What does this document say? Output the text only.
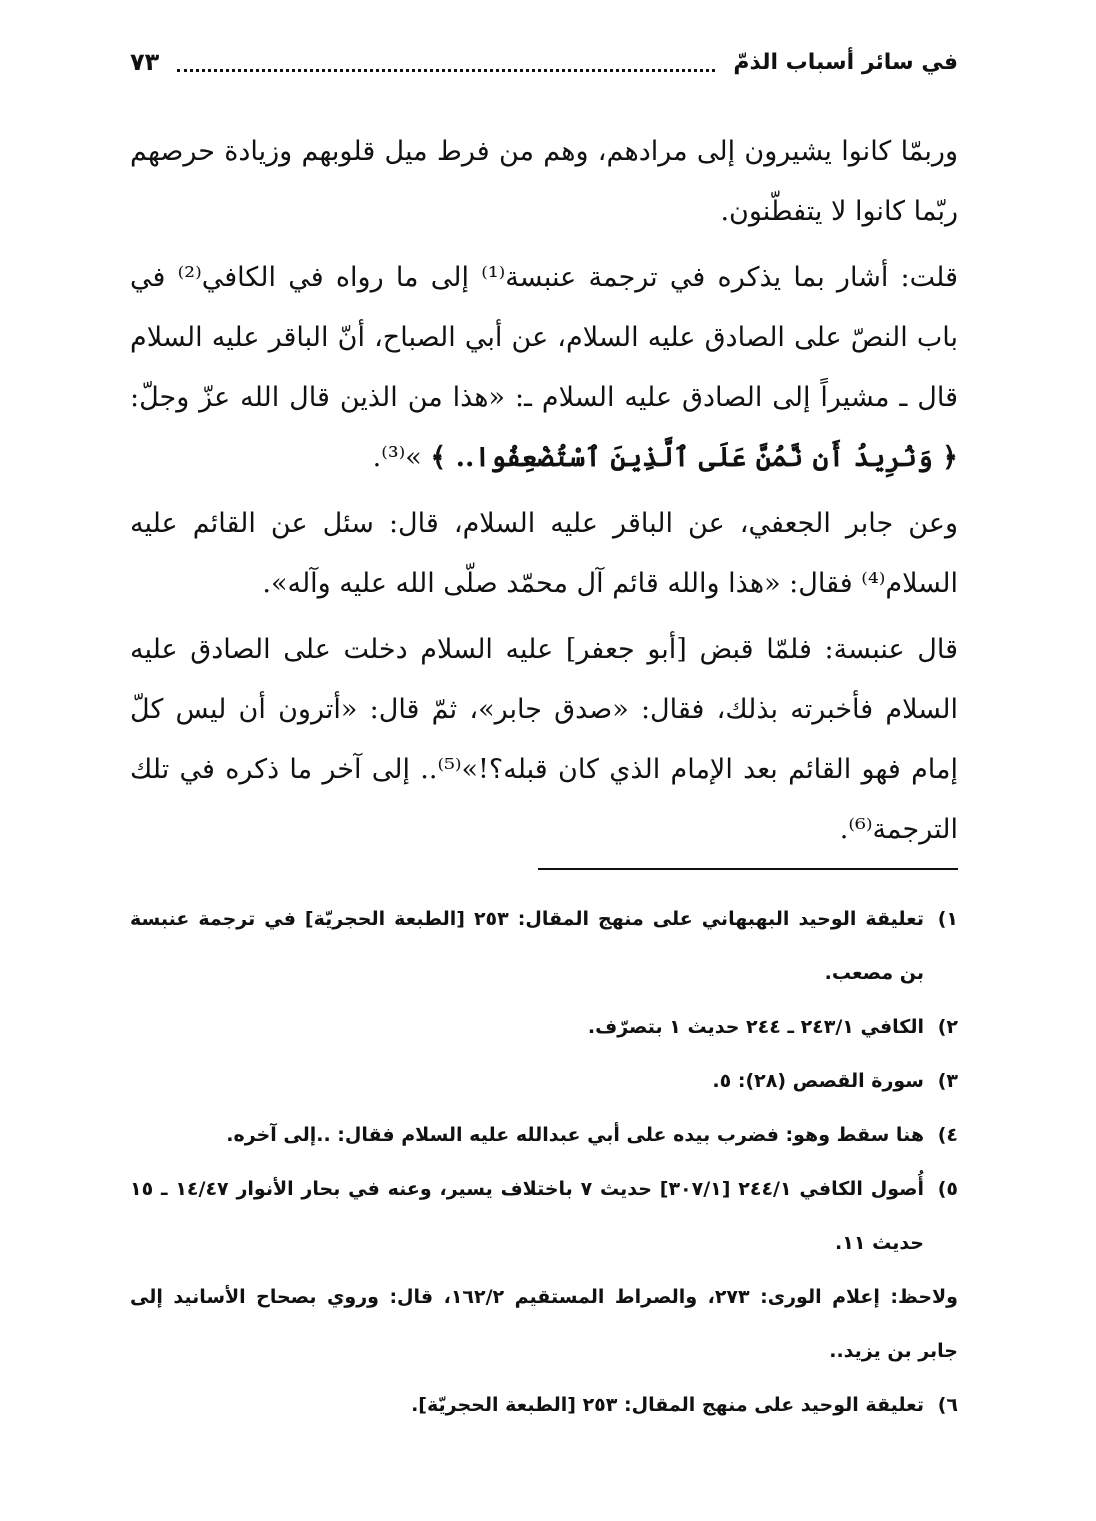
في سائر أسباب الذمّ
٧٣

وربمّا كانوا يشيرون إلى مرادهم، وهم من فرط ميل قلوبهم وزيادة حرصهم ربّما كانوا لا يتفطّنون.

قلت: أشار بما يذكره في ترجمة عنبسة⁽¹⁾ إلى ما رواه في الكافي⁽²⁾ في باب النصّ على الصادق عليه السلام، عن أبي الصباح، أنّ الباقر عليه السلام قال ـ مشيراً إلى الصادق عليه السلام ـ: «هذا من الذين قال الله عزّ وجلّ: ﴿ وَنُرِيدُ أَن نَّمُنَّ عَلَى ٱلَّذِينَ ٱسْتُضْعِفُوا.. ﴾ »⁽³⁾.

وعن جابر الجعفي، عن الباقر عليه السلام، قال: سئل عن القائم عليه السلام⁽⁴⁾ فقال: «هذا والله قائم آل محمّد صلّى الله عليه وآله».

قال عنبسة: فلمّا قبض [أبو جعفر] عليه السلام دخلت على الصادق عليه السلام فأخبرته بذلك، فقال: «صدق جابر»، ثمّ قال: «أترون أن ليس كلّ إمام فهو القائم بعد الإمام الذي كان قبله؟!»⁽⁵⁾.. إلى آخر ما ذكره في تلك الترجمة⁽⁶⁾.

١)
تعليقة الوحيد البهبهاني على منهج المقال: ٢٥٣ [الطبعة الحجريّة] في ترجمة عنبسة بن مصعب.
٢)
الكافي ٢٤٣/١ ـ ٢٤٤ حديث ١ بتصرّف.
٣)
سورة القصص (٢٨): ٥.
٤)
هنا سقط وهو: فضرب بيده على أبي عبدالله عليه السلام فقال: ..إلى آخره.
٥)
أُصول الكافي ٢٤٤/١ [٣٠٧/١] حديث ٧ باختلاف يسير، وعنه في بحار الأنوار ١٤/٤٧ ـ ١٥ حديث ١١.
ولاحظ: إعلام الورى: ٢٧٣، والصراط المستقيم ١٦٢/٢، قال: وروي بصحاح الأسانيد إلى جابر بن يزيد..
٦)
تعليقة الوحيد على منهج المقال: ٢٥٣ [الطبعة الحجريّة].
